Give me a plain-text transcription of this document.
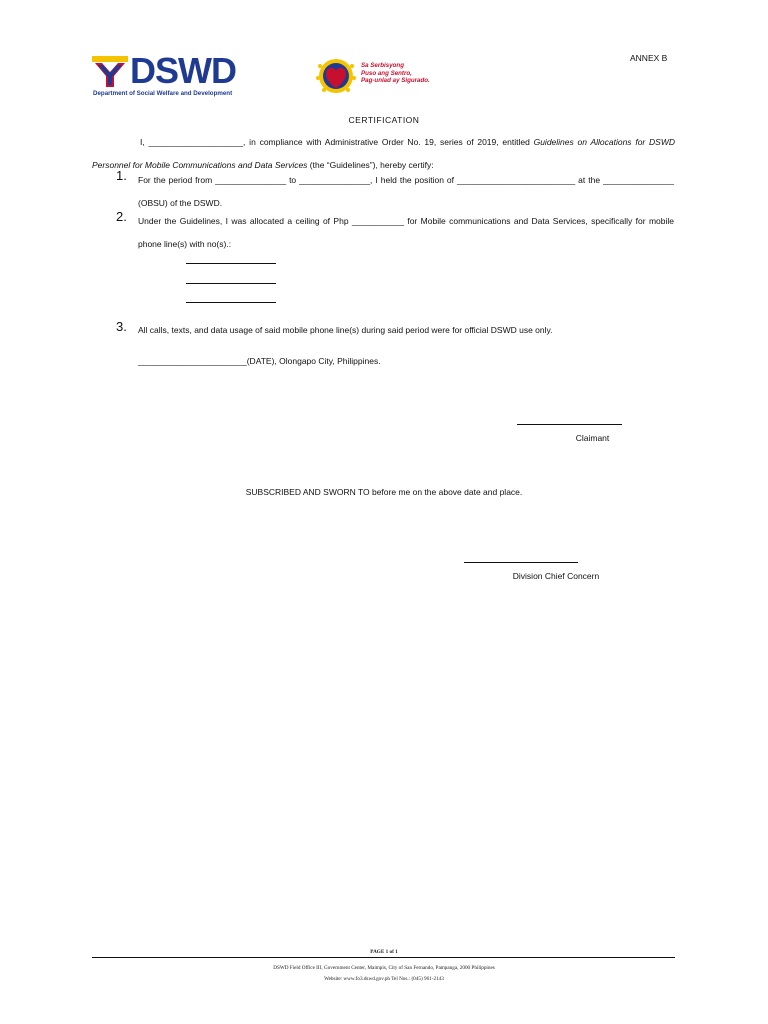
DSWD
Department of Social Welfare and Development
Sa Serbisyong
Puso ang Sentro,
Pag-unlad ay Sigurado.
ANNEX B
CERTIFICATION
I, ____________________, in compliance with Administrative Order No. 19, series of 2019, entitled Guidelines on Allocations for DSWD Personnel for Mobile Communications and Data Services (the “Guidelines”), hereby certify:
1. For the period from _______________ to _______________, I held the position of _________________________ at the _______________ (OBSU) of the DSWD.
2. Under the Guidelines, I was allocated a ceiling of Php ___________ for Mobile communications and Data Services, specifically for mobile phone line(s) with no(s).:
3. All calls, texts, and data usage of said mobile phone line(s) during said period were for official DSWD use only.
_______________________(DATE), Olongapo City, Philippines.
Claimant
SUBSCRIBED AND SWORN TO before me on the above date and place.
Division Chief Concern
PAGE 1 of 1
DSWD Field Office III, Government Center, Maimpis, City of San Fernando, Pampanga, 2000 Philippines
Website: www.fo3.dswd.gov.ph Tel Nos.: (045) 961-2143
